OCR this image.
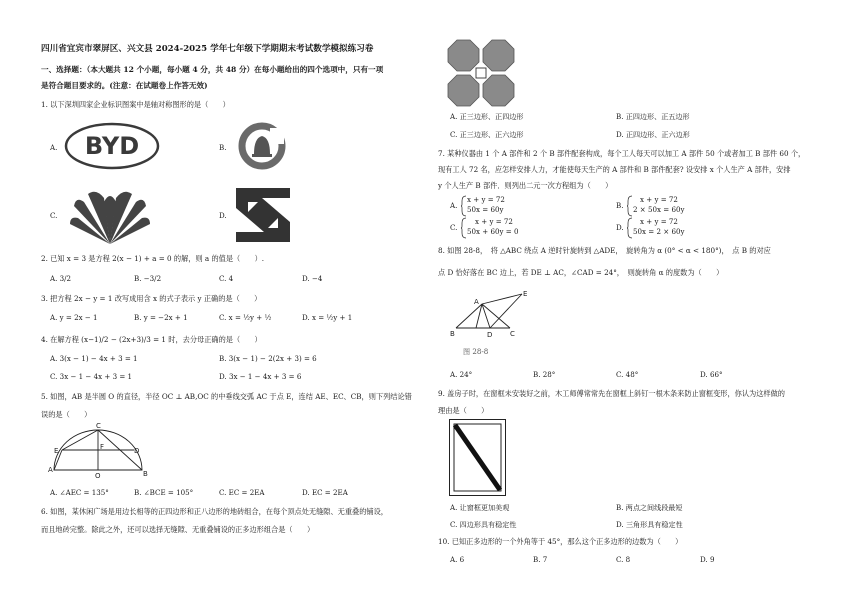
四川省宜宾市翠屏区、兴文县 2024-2025 学年七年级下学期期末考试数学模拟练习卷
一、选择题：（本大题共 12 个小题，每小题 4 分，共 48 分）在每小题给出的四个选项中，只有一项
是符合题目要求的。(注意：在试题卷上作答无效)
1. 以下深圳四家企业标识图案中是轴对称图形的是（　　）
A. BYD	B.
C.	D.
2. 已知 x = 3 是方程 2(x − 1) + a = 0 的解，则 a 的值是（　　）.
A. 3/2	B. −3/2	C. 4	D. −4
3. 把方程 2x − y = 1 改写成用含 x 的式子表示 y 正确的是（　　）
A. y = 2x − 1	B. y = −2x + 1	C. x = ½y + ½	D. x = ½y + 1
4. 在解方程 (x−1)/2 − (2x+3)/3 = 1 时，去分母正确的是（　　）
A. 3(x − 1) − 4x + 3 = 1	B. 3(x − 1) − 2(2x + 3) = 6
C. 3x − 1 − 4x + 3 = 1	D. 3x − 1 − 4x + 3 = 6
5. 如图，AB 是半圆 O 的直径，半径 OC ⊥ AB,OC 的中垂线交弧 AC 于点 E，连结 AE、EC、CB，则下列结论错
误的是（　　）
C
E	F
A
O	B
D
A. ∠AEC = 135°	B. ∠BCE = 105°	C. EC = 2EA	D. EC = 2EA
6. 如图，某休闲广场是用边长相等的正四边形和正八边形的地砖组合，在每个顶点处无缝隙、无重叠的铺设，
而且地砖完整。除此之外，还可以选择无缝隙、无重叠铺设的正多边形组合是（　　）
A. 正三边形、正四边形	B. 正四边形、正五边形
C. 正三边形、正六边形	D. 正四边形、正六边形
7. 某种仪器由 1 个 A 部件和 2 个 B 部件配套构成，每个工人每天可以加工 A 部件 50 个或者加工 B 部件 60 个，
现有工人 72 名，应怎样安排人力，才能使每天生产的 A 部件和 B 部件配套? 设安排 x 个人生产 A 部件，安排
y 个人生产 B 部件．则列出二元一次方程组为（　　）
A.
x + y = 72
50x = 60y	B.
x + y = 72
2 × 50x = 60y
C.
x + y = 72
50x + 60y = 0	D.
x + y = 72
50x = 2 × 60y
8. 如图 28-8，　将 △ABC 绕点 A 逆时针旋转到 △ADE，　旋转角为 α (0° < α < 180°)，　点 B 的对应
点 D 恰好落在 BC 边上，若 DE ⊥ AC，∠CAD = 24°，　则旋转角 α 的度数为（　　）
E
A
D
B	C
图 28-8
A. 24°	B. 28°	C. 48°	D. 66°
9. 盖房子时，在窗框未安装好之前，木工师傅常常先在窗框上斜钉一根木条来防止窗框变形，你认为这样做的
理由是（　　）
A. 让窗框更加美观	B. 两点之间线段最短
C. 四边形具有稳定性	D. 三角形具有稳定性
10. 已知正多边形的一个外角等于 45°，那么这个正多边形的边数为（　　）
A. 6	B. 7	C. 8	D. 9
